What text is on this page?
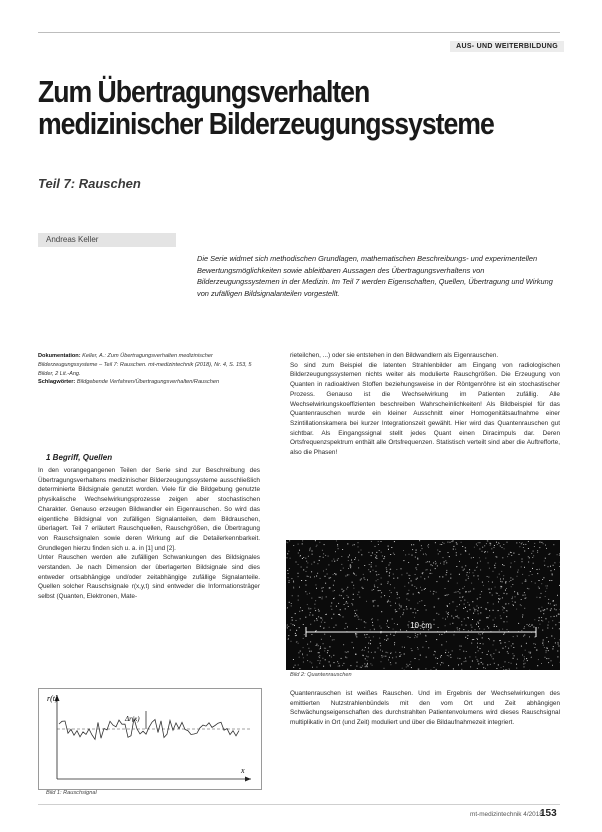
AUS- UND WEITERBILDUNG
Zum Übertragungsverhalten
medizinischer Bilderzeugungssysteme
Teil 7: Rauschen
Andreas Keller
Die Serie widmet sich methodischen Grundlagen, mathematischen Beschreibungs- und experimentellen Bewertungsmöglichkeiten sowie ableitbaren Aussagen des Übertragungsverhaltens von Bilderzeugungssystemen in der Medizin. Im Teil 7 werden Eigenschaften, Quellen, Übertragung und Wirkung von zufälligen Bildsignalanteilen vorgestellt.
Dokumentation: Keller, A.: Zum Übertragungsverhalten medizinischer Bilderzeugungssysteme – Teil 7: Rauschen. mt-medizintechnik (2018), Nr. 4, S. 153, 5 Bilder, 2 Lit.-Ang.
Schlagwörter: Bildgebende Verfahren/Übertragungsverhalten/Rauschen
1 Begriff, Quellen
In den vorangegangenen Teilen der Serie sind zur Beschreibung des Übertragungsverhaltens medizinischer Bilderzeugungssysteme ausschließlich determinierte Bildsignale genutzt worden. Viele für die Bildgebung genutzte physikalische Wechselwirkungsprozesse zeigen aber stochastischen Charakter. Genauso erzeugen Bildwandler ein Eigenrauschen. So wird das eigentliche Bildsignal von zufälligen Signalanteilen, dem Bildrauschen, überlagert. Teil 7 erläutert Rauschquellen, Rauschgrößen, die Übertragung von Rauschsignalen sowie deren Wirkung auf die Detailerkennbarkeit. Grundlegen hierzu finden sich u. a. in [1] und [2].
Unter Rauschen werden alle zufälligen Schwankungen des Bildsignales verstanden. Je nach Dimension der überlagerten Bildsignale sind dies entweder ortsabhängige und/oder zeitabhängige zufällige Signalanteile. Quellen solcher Rauschsignale r(x,y,t) sind entweder die Informationsträger selbst (Quanten, Elektronen, Mate-
rieteilchen, ...) oder sie entstehen in den Bildwandlern als Eigenrauschen.
So sind zum Beispiel die latenten Strahlenbilder am Eingang von radiologischen Bilderzeugungssystemen nichts weiter als modulierte Rauschgrößen. Die Erzeugung von Quanten in radioaktiven Stoffen beziehungsweise in der Röntgenröhre ist ein stochastischer Prozess. Genauso ist die Wechselwirkung im Patienten zufällig. Alle Wechselwirkungskoeffizienten beschreiben Wahrscheinlichkeiten! Als Bildbeispiel für das Quantenrauschen wurde ein kleiner Ausschnitt einer Homogenitätsaufnahme einer Szintillationskamera bei kurzer Integrationszeit gewählt. Hier wird das Quantenrauschen gut sichtbar. Als Eingangssignal stellt jedes Quant einen Diracimpuls dar. Deren Ortsfrequenzspektrum enthält alle Ortsfrequenzen. Statistisch verteilt sind aber die Auftrefforte, also die Phasen!
10 cm
Bild 2: Quantenrauschen
Quantenrauschen ist weißes Rauschen. Und im Ergebnis der Wechselwirkungen des emittierten Nutzstrahlenbündels mit den vom Ort und Zeit abhängigen Schwächungseigenschaften des durchstrahlten Patientenvolumens wird dieses Rauschsignal multiplikativ in Ort (und Zeit) moduliert und über die Bildaufnahmezeit integriert.
r(t)
x
Δr(x)
Bild 1: Rauschsignal
mt-medizintechnik 4/2018
153
